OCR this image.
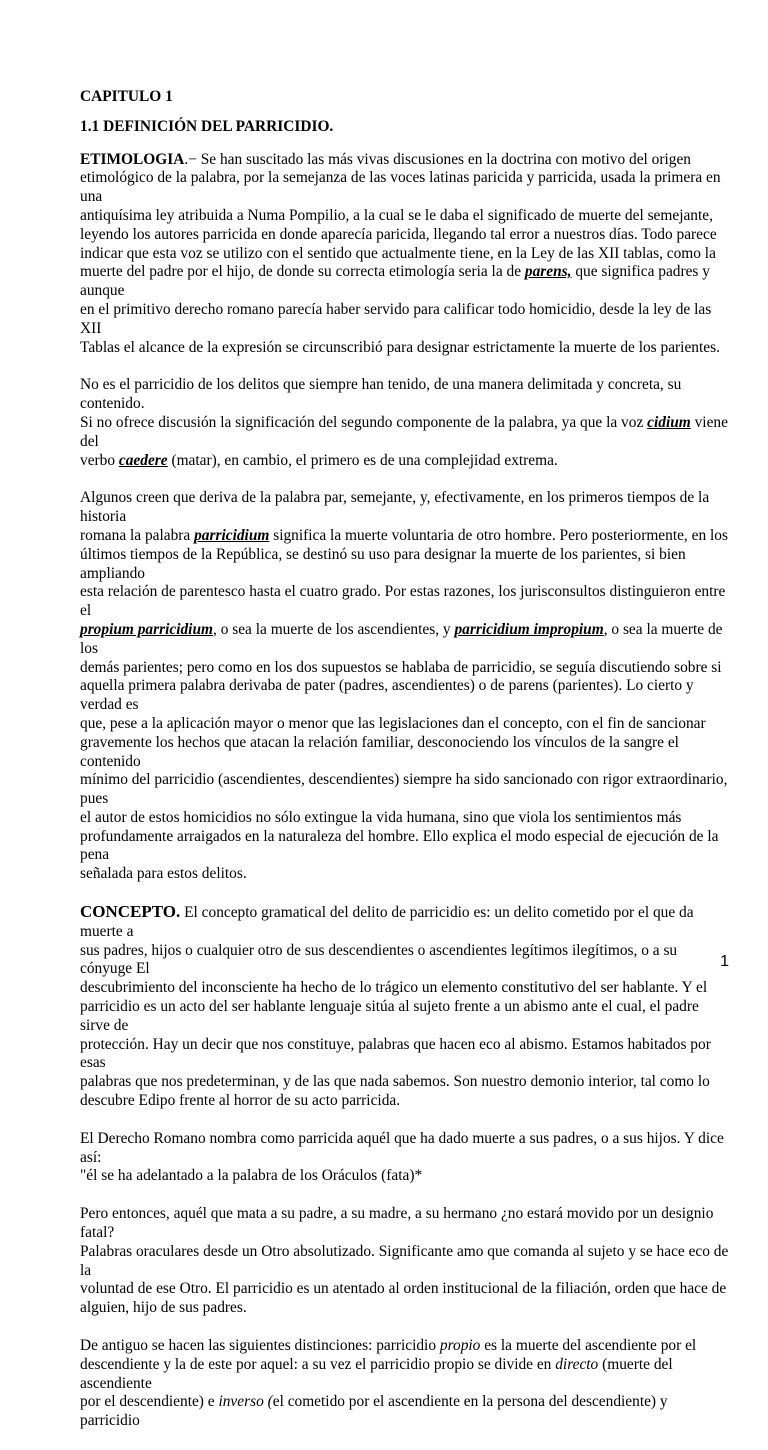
CAPITULO 1
1.1 DEFINICIÓN DEL PARRICIDIO.

ETIMOLOGIA.− Se han suscitado las más vivas discusiones en la doctrina con motivo del origen
etimológico de la palabra, por la semejanza de las voces latinas paricida y parricida, usada la primera en una
antiquísima ley atribuida a Numa Pompilio, a la cual se le daba el significado de muerte del semejante,
leyendo los autores parricida en donde aparecía paricida, llegando tal error a nuestros días. Todo parece
indicar que esta voz se utilizo con el sentido que actualmente tiene, en la Ley de las XII tablas, como la
muerte del padre por el hijo, de donde su correcta etimología seria la de parens, que significa padres y aunque
en el primitivo derecho romano parecía haber servido para calificar todo homicidio, desde la ley de las XII
Tablas el alcance de la expresión se circunscribió para designar estrictamente la muerte de los parientes.

No es el parricidio de los delitos que siempre han tenido, de una manera delimitada y concreta, su contenido.
Si no ofrece discusión la significación del segundo componente de la palabra, ya que la voz cidium viene del
verbo caedere (matar), en cambio, el primero es de una complejidad extrema.

Algunos creen que deriva de la palabra par, semejante, y, efectivamente, en los primeros tiempos de la historia
romana la palabra parricidium significa la muerte voluntaria de otro hombre. Pero posteriormente, en los
últimos tiempos de la República, se destinó su uso para designar la muerte de los parientes, si bien ampliando
esta relación de parentesco hasta el cuatro grado. Por estas razones, los jurisconsultos distinguieron entre el
propium parricidium, o sea la muerte de los ascendientes, y parricidium impropium, o sea la muerte de los
demás parientes; pero como en los dos supuestos se hablaba de parricidio, se seguía discutiendo sobre si
aquella primera palabra derivaba de pater (padres, ascendientes) o de parens (parientes). Lo cierto y verdad es
que, pese a la aplicación mayor o menor que las legislaciones dan el concepto, con el fin de sancionar
gravemente los hechos que atacan la relación familiar, desconociendo los vínculos de la sangre el contenido
mínimo del parricidio (ascendientes, descendientes) siempre ha sido sancionado con rigor extraordinario, pues
el autor de estos homicidios no sólo extingue la vida humana, sino que viola los sentimientos más
profundamente arraigados en la naturaleza del hombre. Ello explica el modo especial de ejecución de la pena
señalada para estos delitos.

CONCEPTO. El concepto gramatical del delito de parricidio es: un delito cometido por el que da muerte a
sus padres, hijos o cualquier otro de sus descendientes o ascendientes legítimos ilegítimos, o a su cónyuge El
descubrimiento del inconsciente ha hecho de lo trágico un elemento constitutivo del ser hablante. Y el
parricidio es un acto del ser hablante lenguaje sitúa al sujeto frente a un abismo ante el cual, el padre sirve de
protección. Hay un decir que nos constituye, palabras que hacen eco al abismo. Estamos habitados por esas
palabras que nos predeterminan, y de las que nada sabemos. Son nuestro demonio interior, tal como lo
descubre Edipo frente al horror de su acto parricida.

El Derecho Romano nombra como parricida aquél que ha dado muerte a sus padres, o a sus hijos. Y dice así:
"él se ha adelantado a la palabra de los Oráculos (fata)*

Pero entonces, aquél que mata a su padre, a su madre, a su hermano ¿no estará movido por un designio fatal?
Palabras oraculares desde un Otro absolutizado. Significante amo que comanda al sujeto y se hace eco de la
voluntad de ese Otro. El parricidio es un atentado al orden institucional de la filiación, orden que hace de
alguien, hijo de sus padres.

De antiguo se hacen las siguientes distinciones: parricidio propio es la muerte del ascendiente por el
descendiente y la de este por aquel: a su vez el parricidio propio se divide en directo (muerte del ascendiente
por el descendiente) e inverso (el cometido por el ascendiente en la persona del descendiente) y parricidio

1
